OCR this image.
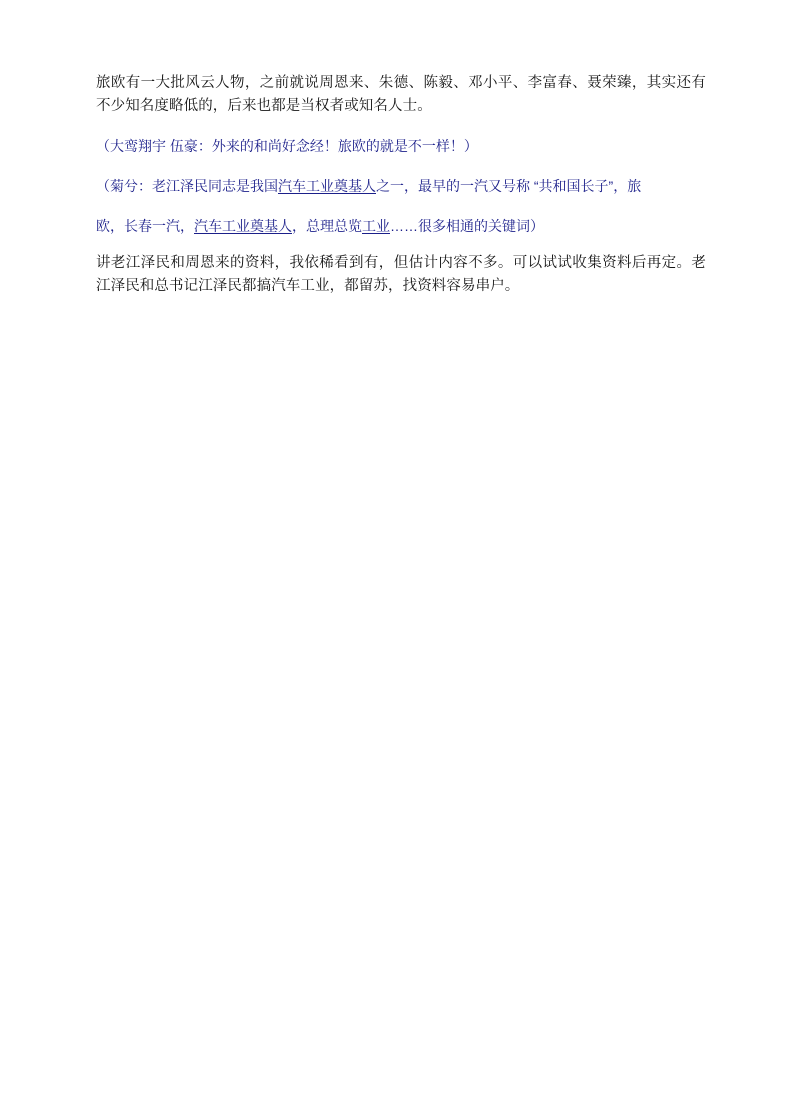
旅欧有一大批风云人物，之前就说周恩来、朱德、陈毅、邓小平、李富春、聂荣臻，其实还有不少知名度略低的，后来也都是当权者或知名人士。

（大鸾翔宇 伍豪：外来的和尚好念经！旅欧的就是不一样！）

（菊兮：老江泽民同志是我国汽车工业奠基人之一，最早的一汽又号称 “共和国长子”，旅
欧，长春一汽，汽车工业奠基人，总理总览工业……很多相通的关键词）

讲老江泽民和周恩来的资料，我依稀看到有，但估计内容不多。可以试试收集资料后再定。老江泽民和总书记江泽民都搞汽车工业，都留苏，找资料容易串户。
